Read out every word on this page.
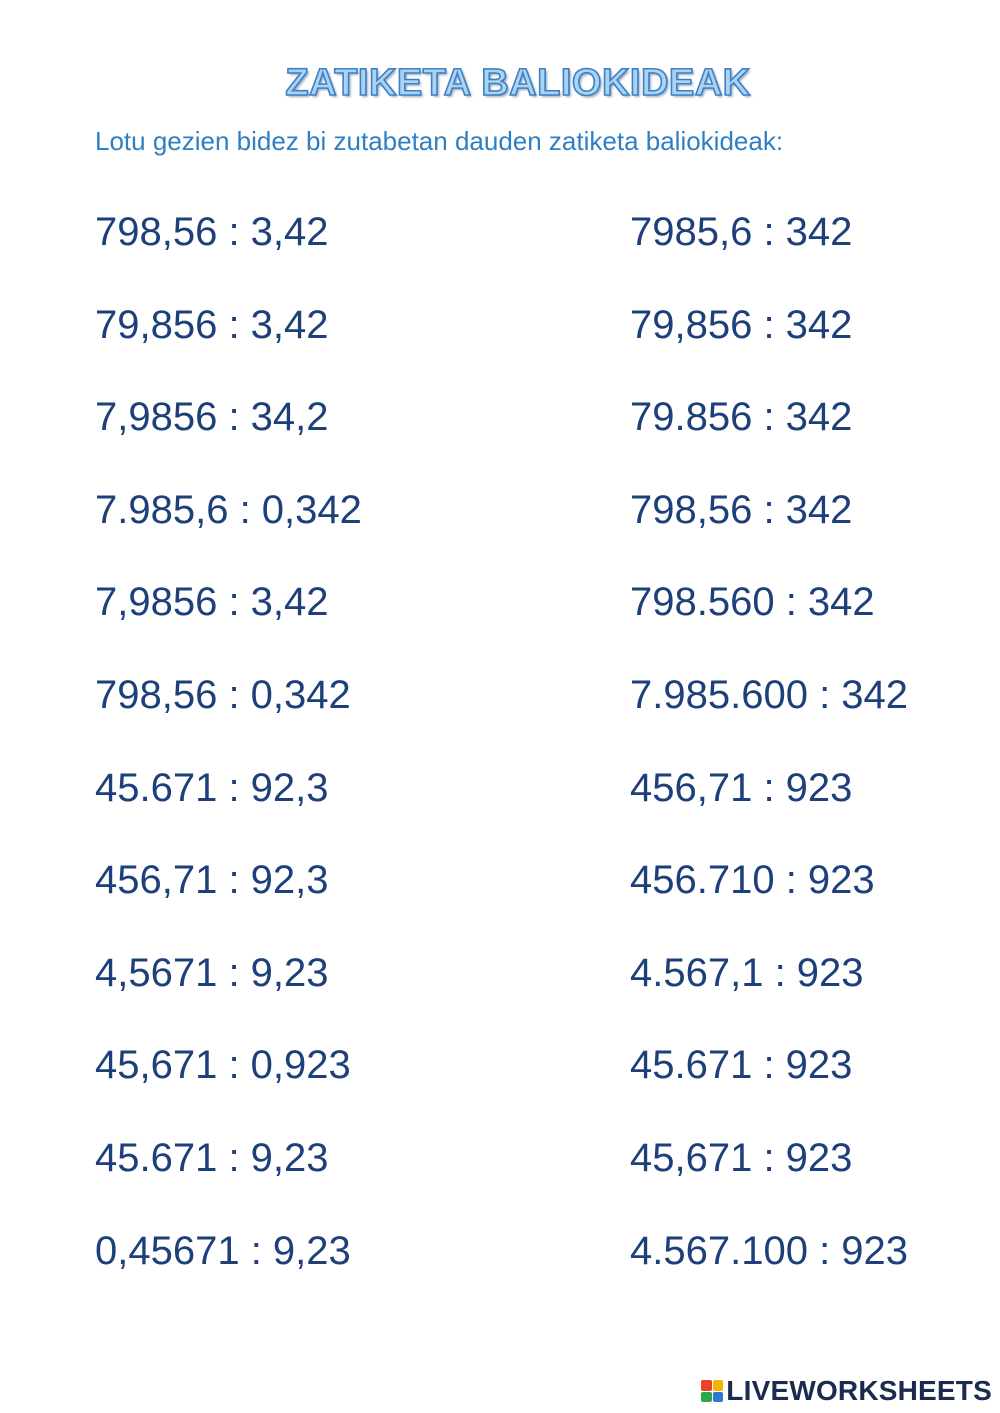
ZATIKETA BALIOKIDEAK

Lotu gezien bidez bi zutabetan dauden zatiketa baliokideak:

798,56 : 3,42
79,856 : 3,42
7,9856 : 34,2
7.985,6 : 0,342
7,9856 : 3,42
798,56 : 0,342
45.671 : 92,3
456,71 : 92,3
4,5671 : 9,23
45,671 : 0,923
45.671 : 9,23
0,45671 : 9,23
7985,6 : 342
79,856 : 342
79.856 : 342
798,56 : 342
798.560 : 342
7.985.600 : 342
456,71 : 923
456.710 : 923
4.567,1 : 923
45.671 : 923
45,671 : 923
4.567.100 : 923
LIVEWORKSHEETS
